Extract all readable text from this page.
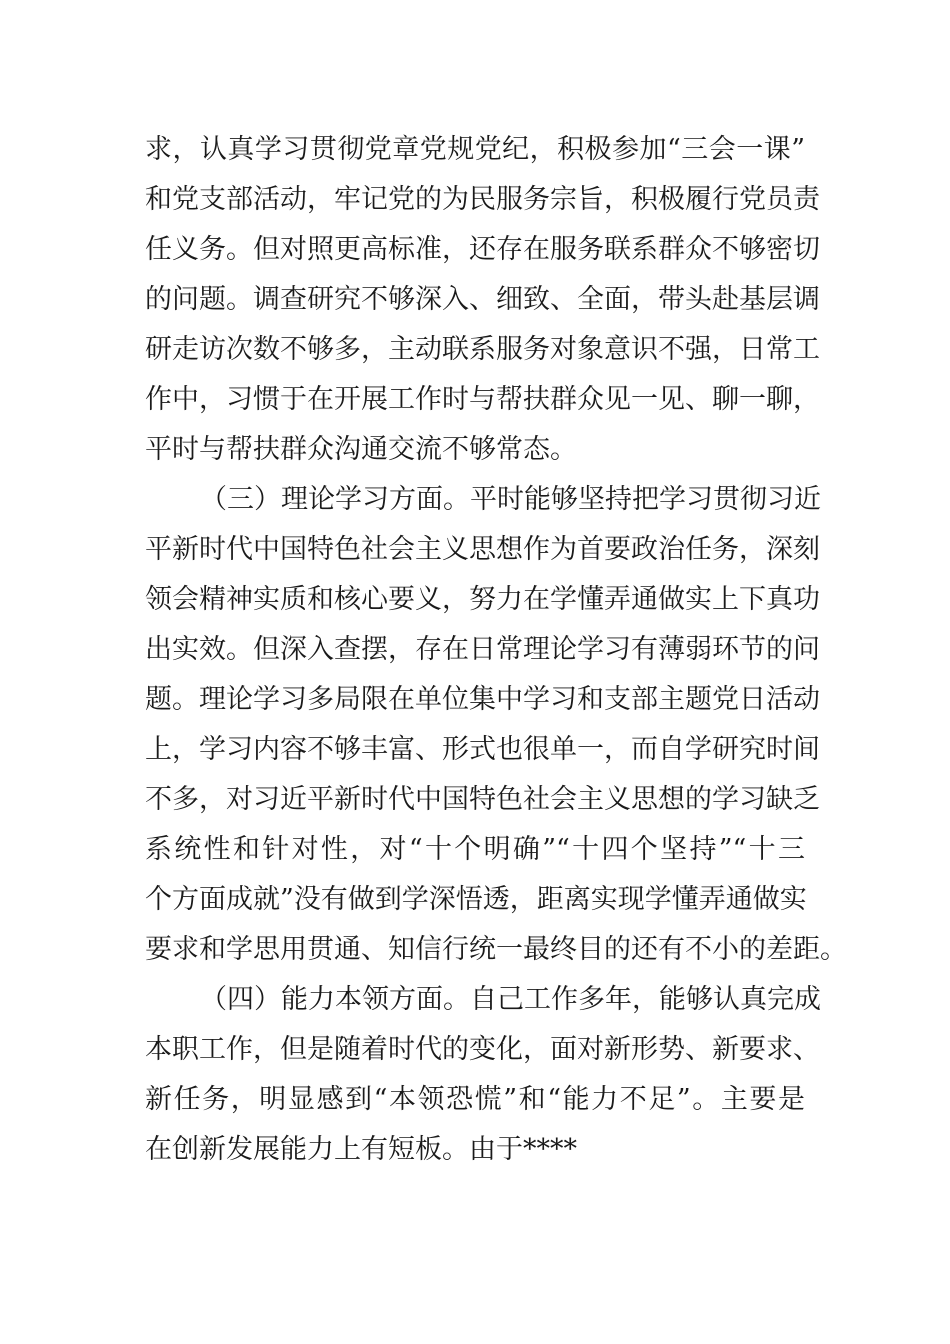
求，认真学习贯彻党章党规党纪，积极参加“三会一课”
和党支部活动，牢记党的为民服务宗旨，积极履行党员责
任义务。但对照更高标准，还存在服务联系群众不够密切
的问题。调查研究不够深入、细致、全面，带头赴基层调
研走访次数不够多，主动联系服务对象意识不强，日常工
作中，习惯于在开展工作时与帮扶群众见一见、聊一聊，
平时与帮扶群众沟通交流不够常态。
（三）理论学习方面。平时能够坚持把学习贯彻习近
平新时代中国特色社会主义思想作为首要政治任务，深刻
领会精神实质和核心要义，努力在学懂弄通做实上下真功
出实效。但深入查摆，存在日常理论学习有薄弱环节的问
题。理论学习多局限在单位集中学习和支部主题党日活动
上，学习内容不够丰富、形式也很单一，而自学研究时间
不多，对习近平新时代中国特色社会主义思想的学习缺乏
系统性和针对性，对“十个明确”“十四个坚持”“十三
个方面成就”没有做到学深悟透，距离实现学懂弄通做实
要求和学思用贯通、知信行统一最终目的还有不小的差距。
（四）能力本领方面。自己工作多年，能够认真完成
本职工作，但是随着时代的变化，面对新形势、新要求、
新任务，明显感到“本领恐慌”和“能力不足”。主要是
在创新发展能力上有短板。由于****
